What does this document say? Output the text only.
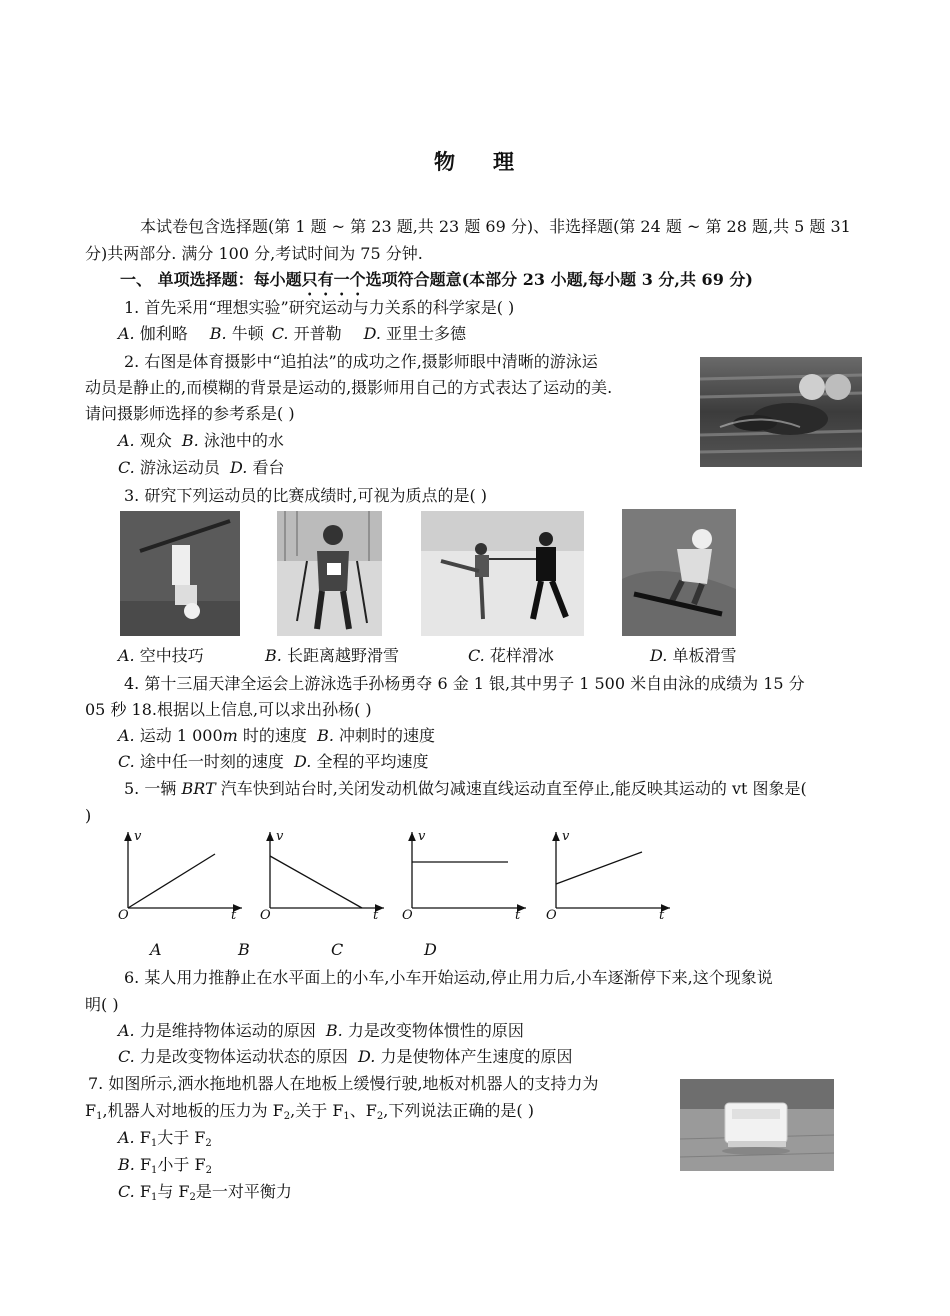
物 理
本试卷包含选择题(第 1 题 ~ 第 23 题,共 23 题 69 分)、非选择题(第 24 题 ~ 第 28 题,共 5 题 31
分)共两部分. 满分 100 分,考试时间为 75 分钟.
一、 单项选择题：每小题只有一个选项符合题意(本部分 23 小题,每小题 3 分,共 69 分)
1. 首先采用“理想实验”研究运动与力关系的科学家是( )
A. 伽利略 B. 牛顿 C. 开普勒 D. 亚里士多德
2. 右图是体育摄影中“追拍法”的成功之作,摄影师眼中清晰的游泳运
动员是静止的,而模糊的背景是运动的,摄影师用自己的方式表达了运动的美.
请问摄影师选择的参考系是( )
A. 观众 B. 泳池中的水
C. 游泳运动员 D. 看台
3. 研究下列运动员的比赛成绩时,可视为质点的是( )
A. 空中技巧	B. 长距离越野滑雪	C. 花样滑冰	D. 单板滑雪
4. 第十三届天津全运会上游泳选手孙杨勇夺 6 金 1 银,其中男子 1 500 米自由泳的成绩为 15 分
05 秒 18.根据以上信息,可以求出孙杨( )
A. 运动 1 000m 时的速度 B. 冲刺时的速度
C. 途中任一时刻的速度 D. 全程的平均速度
5. 一辆 BRT 汽车快到站台时,关闭发动机做匀减速直线运动直至停止,能反映其运动的 vt 图象是(
)
v
O	t
v
O	t
v
O	t
v
O	t
A	B	C	D
6. 某人用力推静止在水平面上的小车,小车开始运动,停止用力后,小车逐渐停下来,这个现象说
明( )
A. 力是维持物体运动的原因 B. 力是改变物体惯性的原因
C. 力是改变物体运动状态的原因 D. 力是使物体产生速度的原因
7. 如图所示,洒水拖地机器人在地板上缓慢行驶,地板对机器人的支持力为
$F_1$,机器人对地板的压力为 $F_2$,关于 $F_1$、$F_2$,下列说法正确的是( )
A. $F_1$大于 $F_2$
B. $F_1$小于 $F_2$
C. $F_1$与 $F_2$是一对平衡力
